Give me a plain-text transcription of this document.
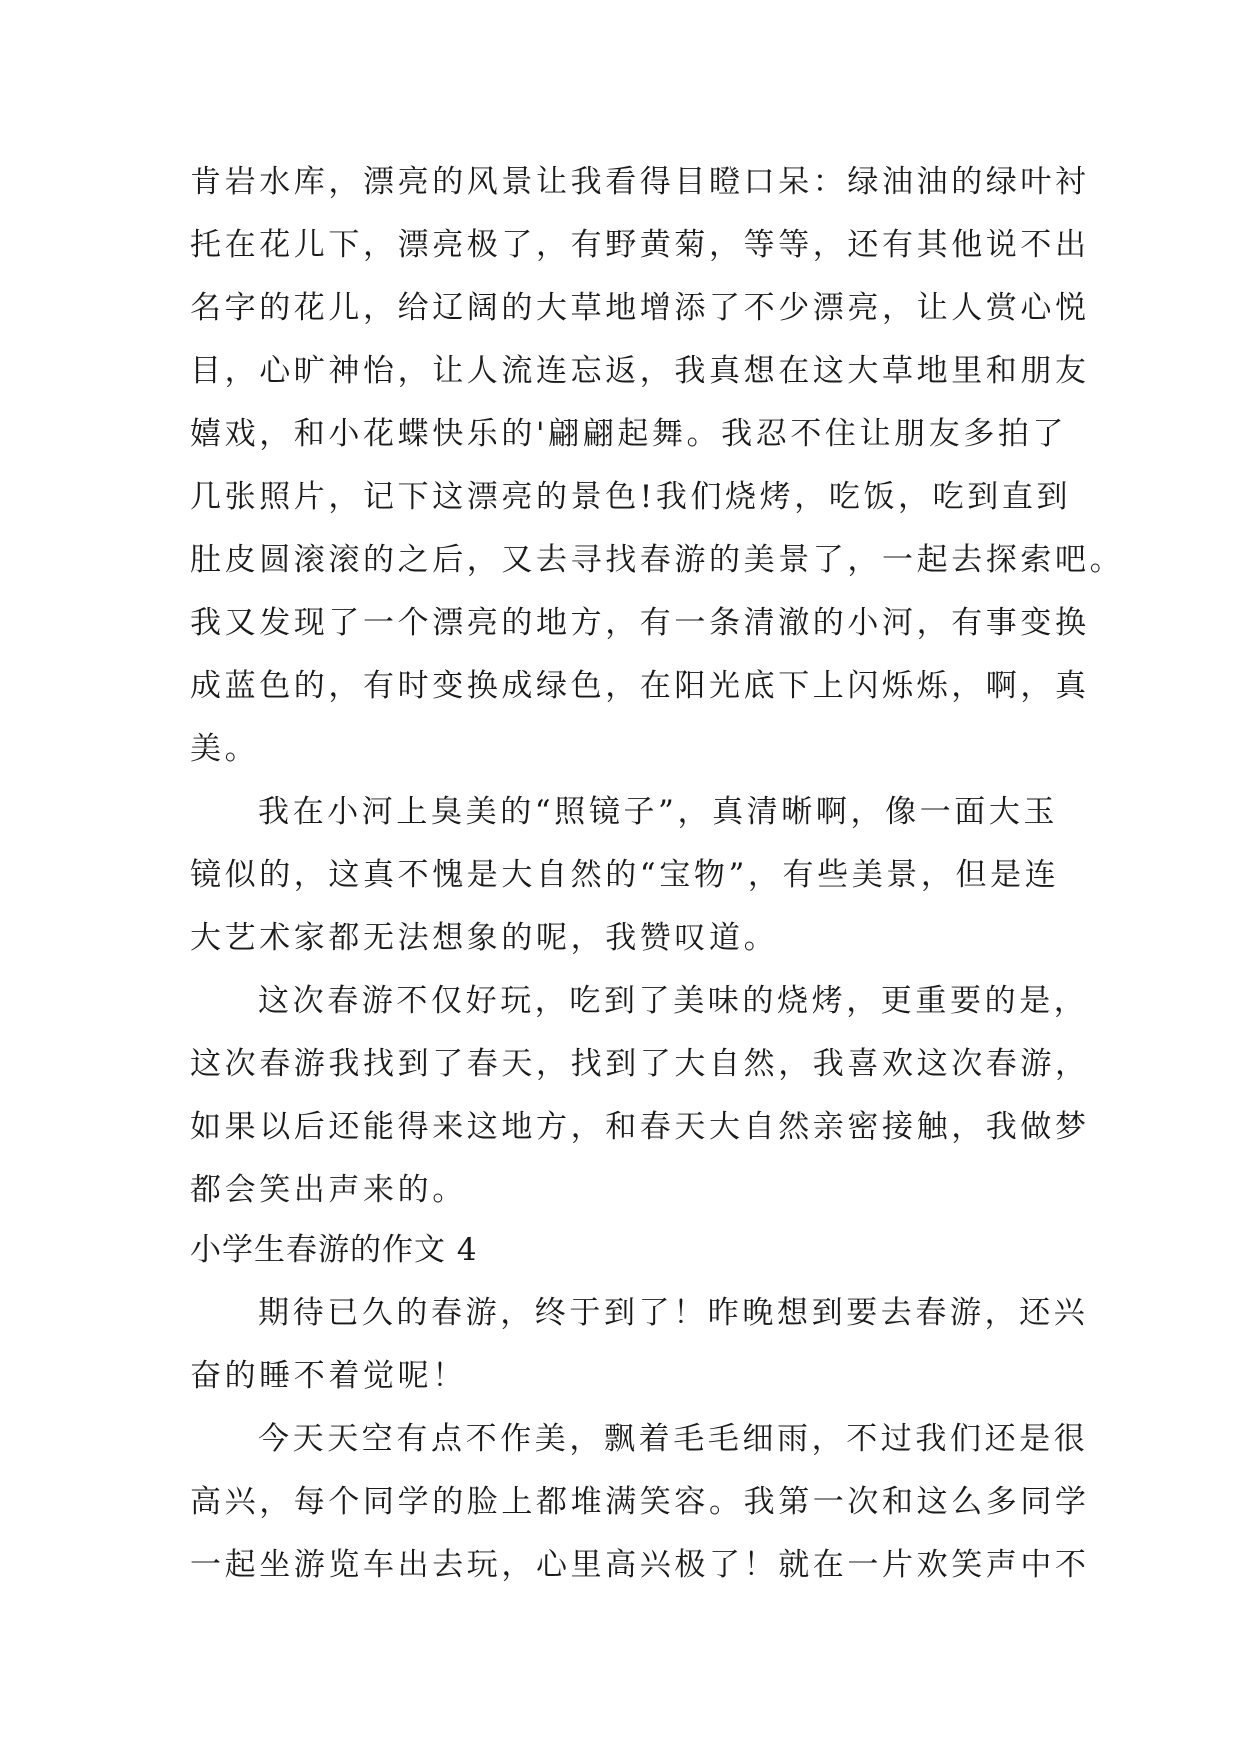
肯岩水库，漂亮的风景让我看得目瞪口呆：绿油油的绿叶衬
托在花儿下，漂亮极了，有野黄菊，等等，还有其他说不出
名字的花儿，给辽阔的大草地增添了不少漂亮，让人赏心悦
目，心旷神怡，让人流连忘返，我真想在这大草地里和朋友
嬉戏，和小花蝶快乐的'翩翩起舞。我忍不住让朋友多拍了
几张照片，记下这漂亮的景色!我们烧烤，吃饭，吃到直到
肚皮圆滚滚的之后，又去寻找春游的美景了，一起去探索吧。
我又发现了一个漂亮的地方，有一条清澈的小河，有事变换
成蓝色的，有时变换成绿色，在阳光底下上闪烁烁，啊，真
美。
我在小河上臭美的“照镜子”，真清晰啊，像一面大玉
镜似的，这真不愧是大自然的“宝物”，有些美景，但是连
大艺术家都无法想象的呢，我赞叹道。
这次春游不仅好玩，吃到了美味的烧烤，更重要的是，
这次春游我找到了春天，找到了大自然，我喜欢这次春游，
如果以后还能得来这地方，和春天大自然亲密接触，我做梦
都会笑出声来的。
小学生春游的作文 4
期待已久的春游，终于到了！昨晚想到要去春游，还兴
奋的睡不着觉呢！
今天天空有点不作美，飘着毛毛细雨，不过我们还是很
高兴，每个同学的脸上都堆满笑容。我第一次和这么多同学
一起坐游览车出去玩，心里高兴极了！就在一片欢笑声中不
